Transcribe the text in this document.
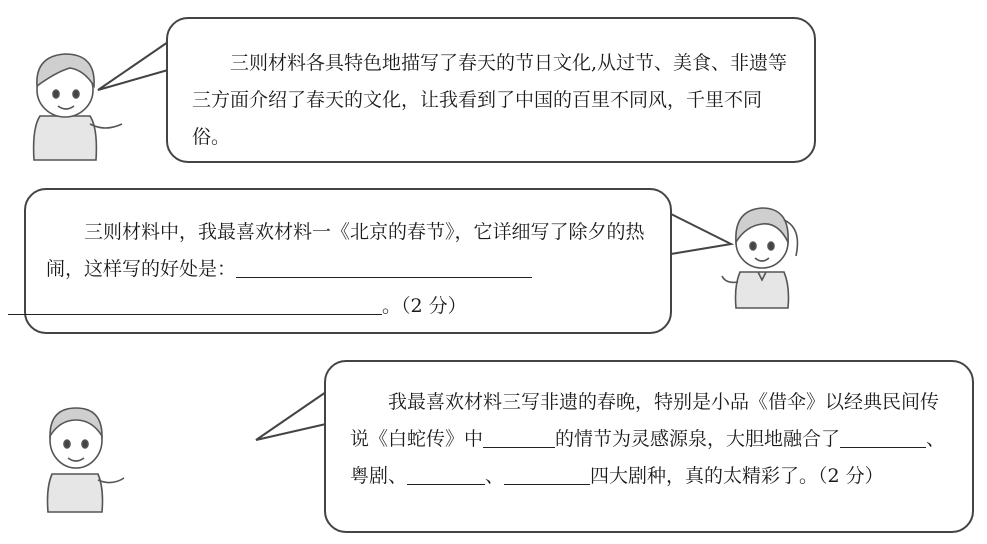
三则材料各具特色地描写了春天的节日文化,从过节、美食、非遗等三方面介绍了春天的文化，让我看到了中国的百里不同风，千里不同俗。

三则材料中，我最喜欢材料一《北京的春节》，它详细写了除夕的热闹，这样写的好处是：。（2 分）

我最喜欢材料三写非遗的春晚，特别是小品《借伞》以经典民间传说《白蛇传》中	的情节为灵感源泉，大胆地融合了	、粤剧、	、	四大剧种，真的太精彩了。（2 分）
